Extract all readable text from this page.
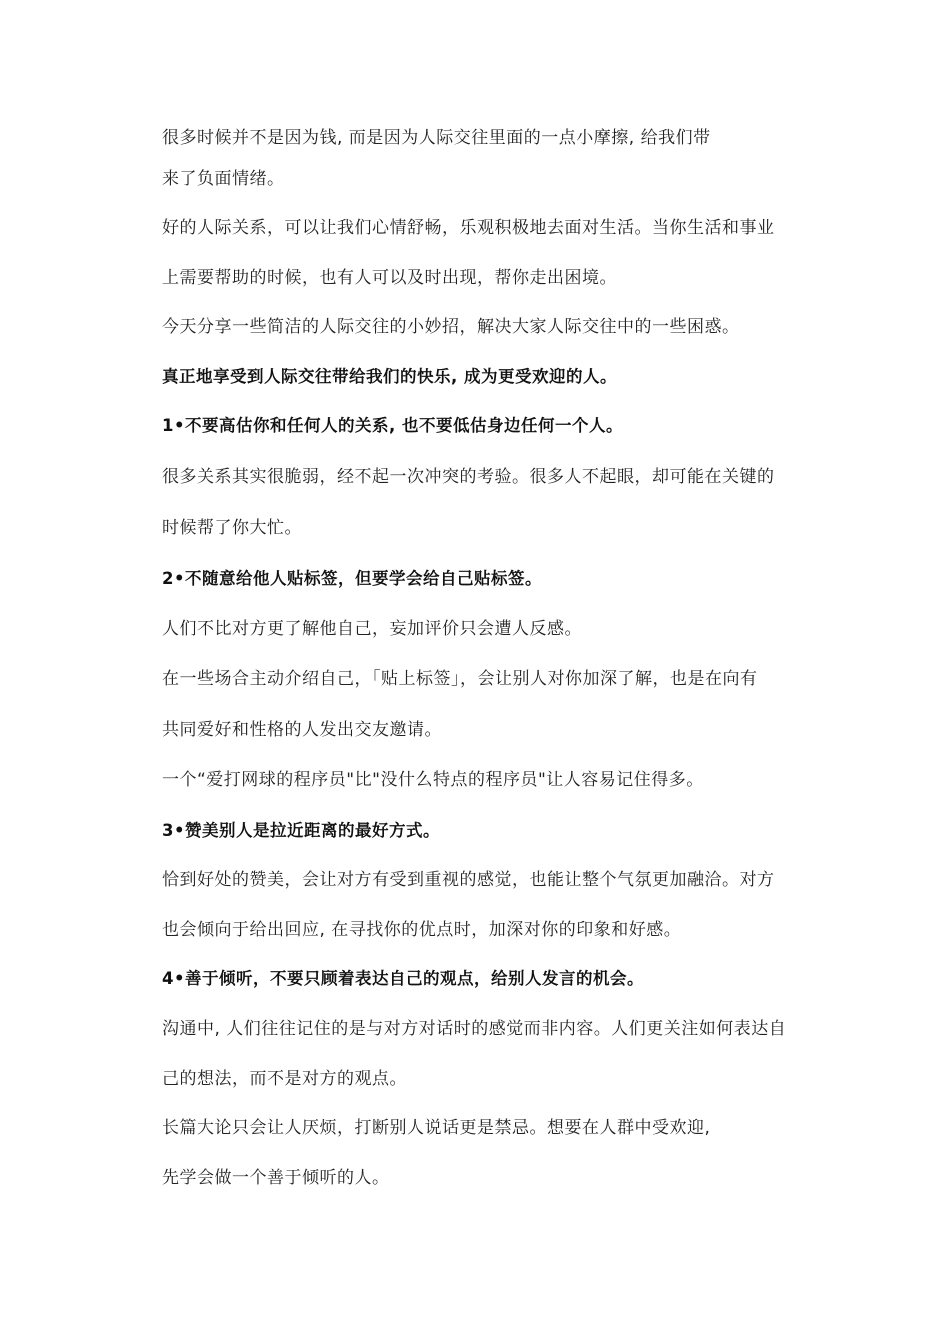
很多时候并不是因为钱, 而是因为人际交往里面的一点小摩擦, 给我们带
来了负面情绪。
好的人际关系，可以让我们心情舒畅，乐观积极地去面对生活。当你生活和事业
上需要帮助的时候，也有人可以及时出现，帮你走出困境。
今天分享一些简洁的人际交往的小妙招，解决大家人际交往中的一些困惑。
真正地享受到人际交往带给我们的快乐, 成为更受欢迎的人。
1•不要高估你和任何人的关系, 也不要低估身边任何一个人。
很多关系其实很脆弱，经不起一次冲突的考验。很多人不起眼，却可能在关键的
时候帮了你大忙。
2•不随意给他人贴标签，但要学会给自己贴标签。
人们不比对方更了解他自己，妄加评价只会遭人反感。
在一些场合主动介绍自己，「贴上标签」，会让别人对你加深了解，也是在向有
共同爱好和性格的人发出交友邀请。
一个“爱打网球的程序员"比"没什么特点的程序员"让人容易记住得多。
3•赞美别人是拉近距离的最好方式。
恰到好处的赞美，会让对方有受到重视的感觉，也能让整个气氛更加融洽。对方
也会倾向于给出回应, 在寻找你的优点时，加深对你的印象和好感。
4•善于倾听，不要只顾着表达自己的观点，给别人发言的机会。
沟通中, 人们往往记住的是与对方对话时的感觉而非内容。人们更关注如何表达自
己的想法，而不是对方的观点。
长篇大论只会让人厌烦，打断别人说话更是禁忌。想要在人群中受欢迎,
先学会做一个善于倾听的人。
